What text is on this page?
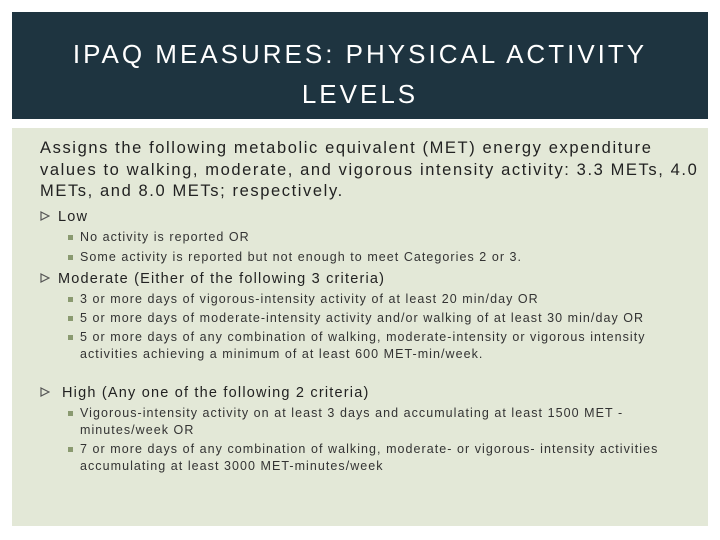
IPAQ MEASURES: PHYSICAL ACTIVITY LEVELS

Assigns the following metabolic equivalent (MET) energy expenditure values to walking, moderate, and vigorous intensity activity: 3.3 METs, 4.0 METs, and 8.0 METs; respectively.

Low
No activity is reported OR
Some activity is reported but not enough to meet Categories 2 or 3.
Moderate (Either of the following 3 criteria)
3 or more days of vigorous-intensity activity of at least 20 min/day OR
5 or more days of moderate-intensity activity and/or walking of at least 30 min/day OR
5 or more days of any combination of walking, moderate-intensity or vigorous intensity activities achieving a minimum of at least 600 MET-min/week.
High (Any one of the following 2 criteria)
Vigorous-intensity activity on at least 3 days and accumulating at least 1500 MET -minutes/week OR
7 or more days of any combination of walking, moderate- or vigorous- intensity activities accumulating at least 3000 MET-minutes/week
